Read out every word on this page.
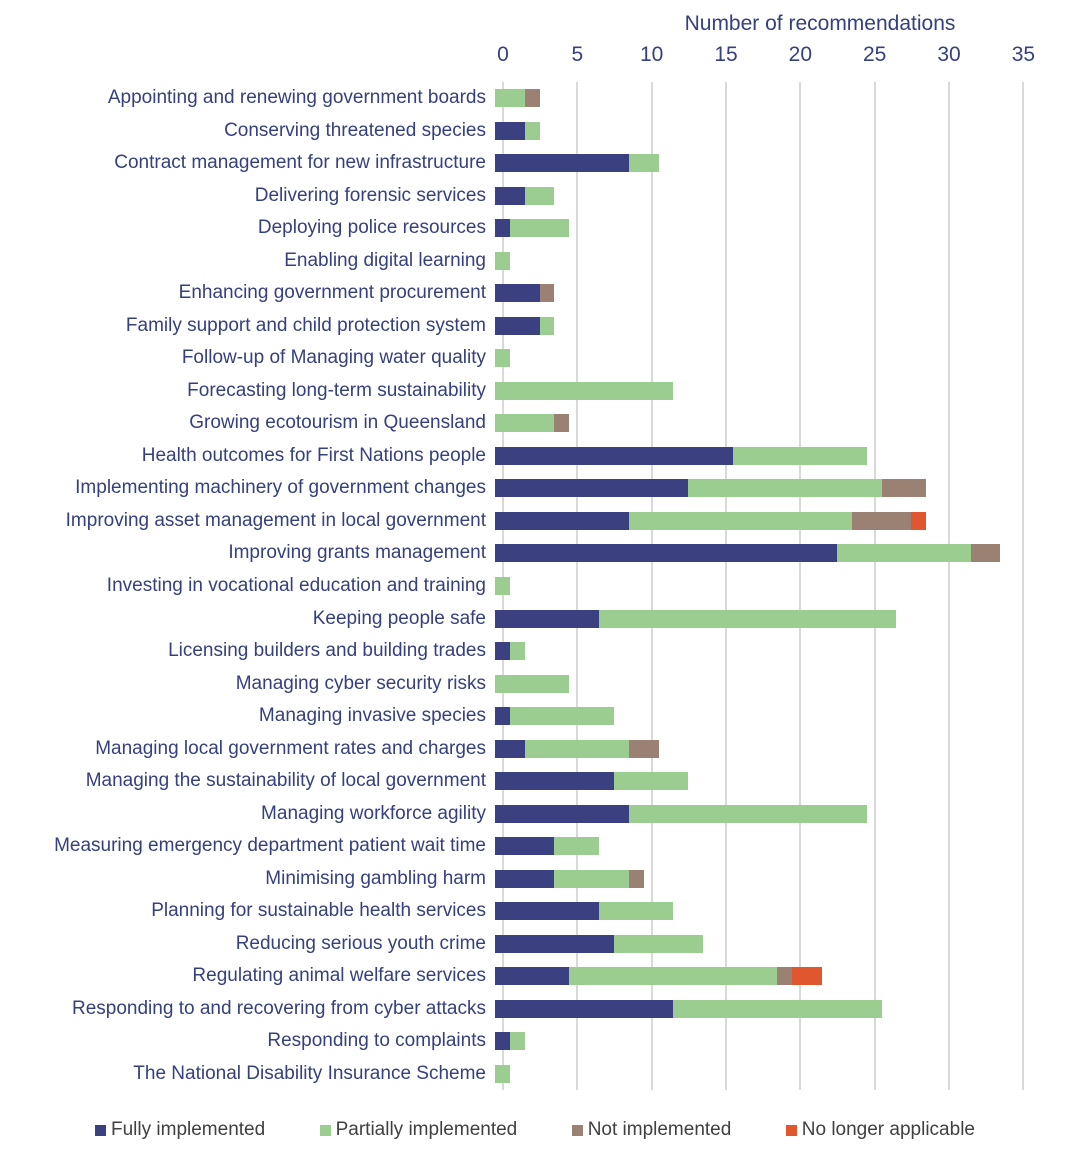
Number of recommendations
0	5	10 15 20 25 30 35
Appointing and renewing government boards
Conserving threatened species
Contract management for new infrastructure
Delivering forensic services
Deploying police resources
Enabling digital learning
Enhancing government procurement
Family support and child protection system
Follow-up of Managing water quality
Forecasting long-term sustainability
Growing ecotourism in Queensland
Health outcomes for First Nations people
Implementing machinery of government changes
Improving asset management in local government
Improving grants management
Investing in vocational education and training
Keeping people safe
Licensing builders and building trades
Managing cyber security risks
Managing invasive species
Managing local government rates and charges
Managing the sustainability of local government
Managing workforce agility
Measuring emergency department patient wait time
Minimising gambling harm
Planning for sustainable health services
Reducing serious youth crime
Regulating animal welfare services
Responding to and recovering from cyber attacks
Responding to complaints
The National Disability Insurance Scheme
Fully implemented	Partially implemented	Not implemented	No longer applicable
